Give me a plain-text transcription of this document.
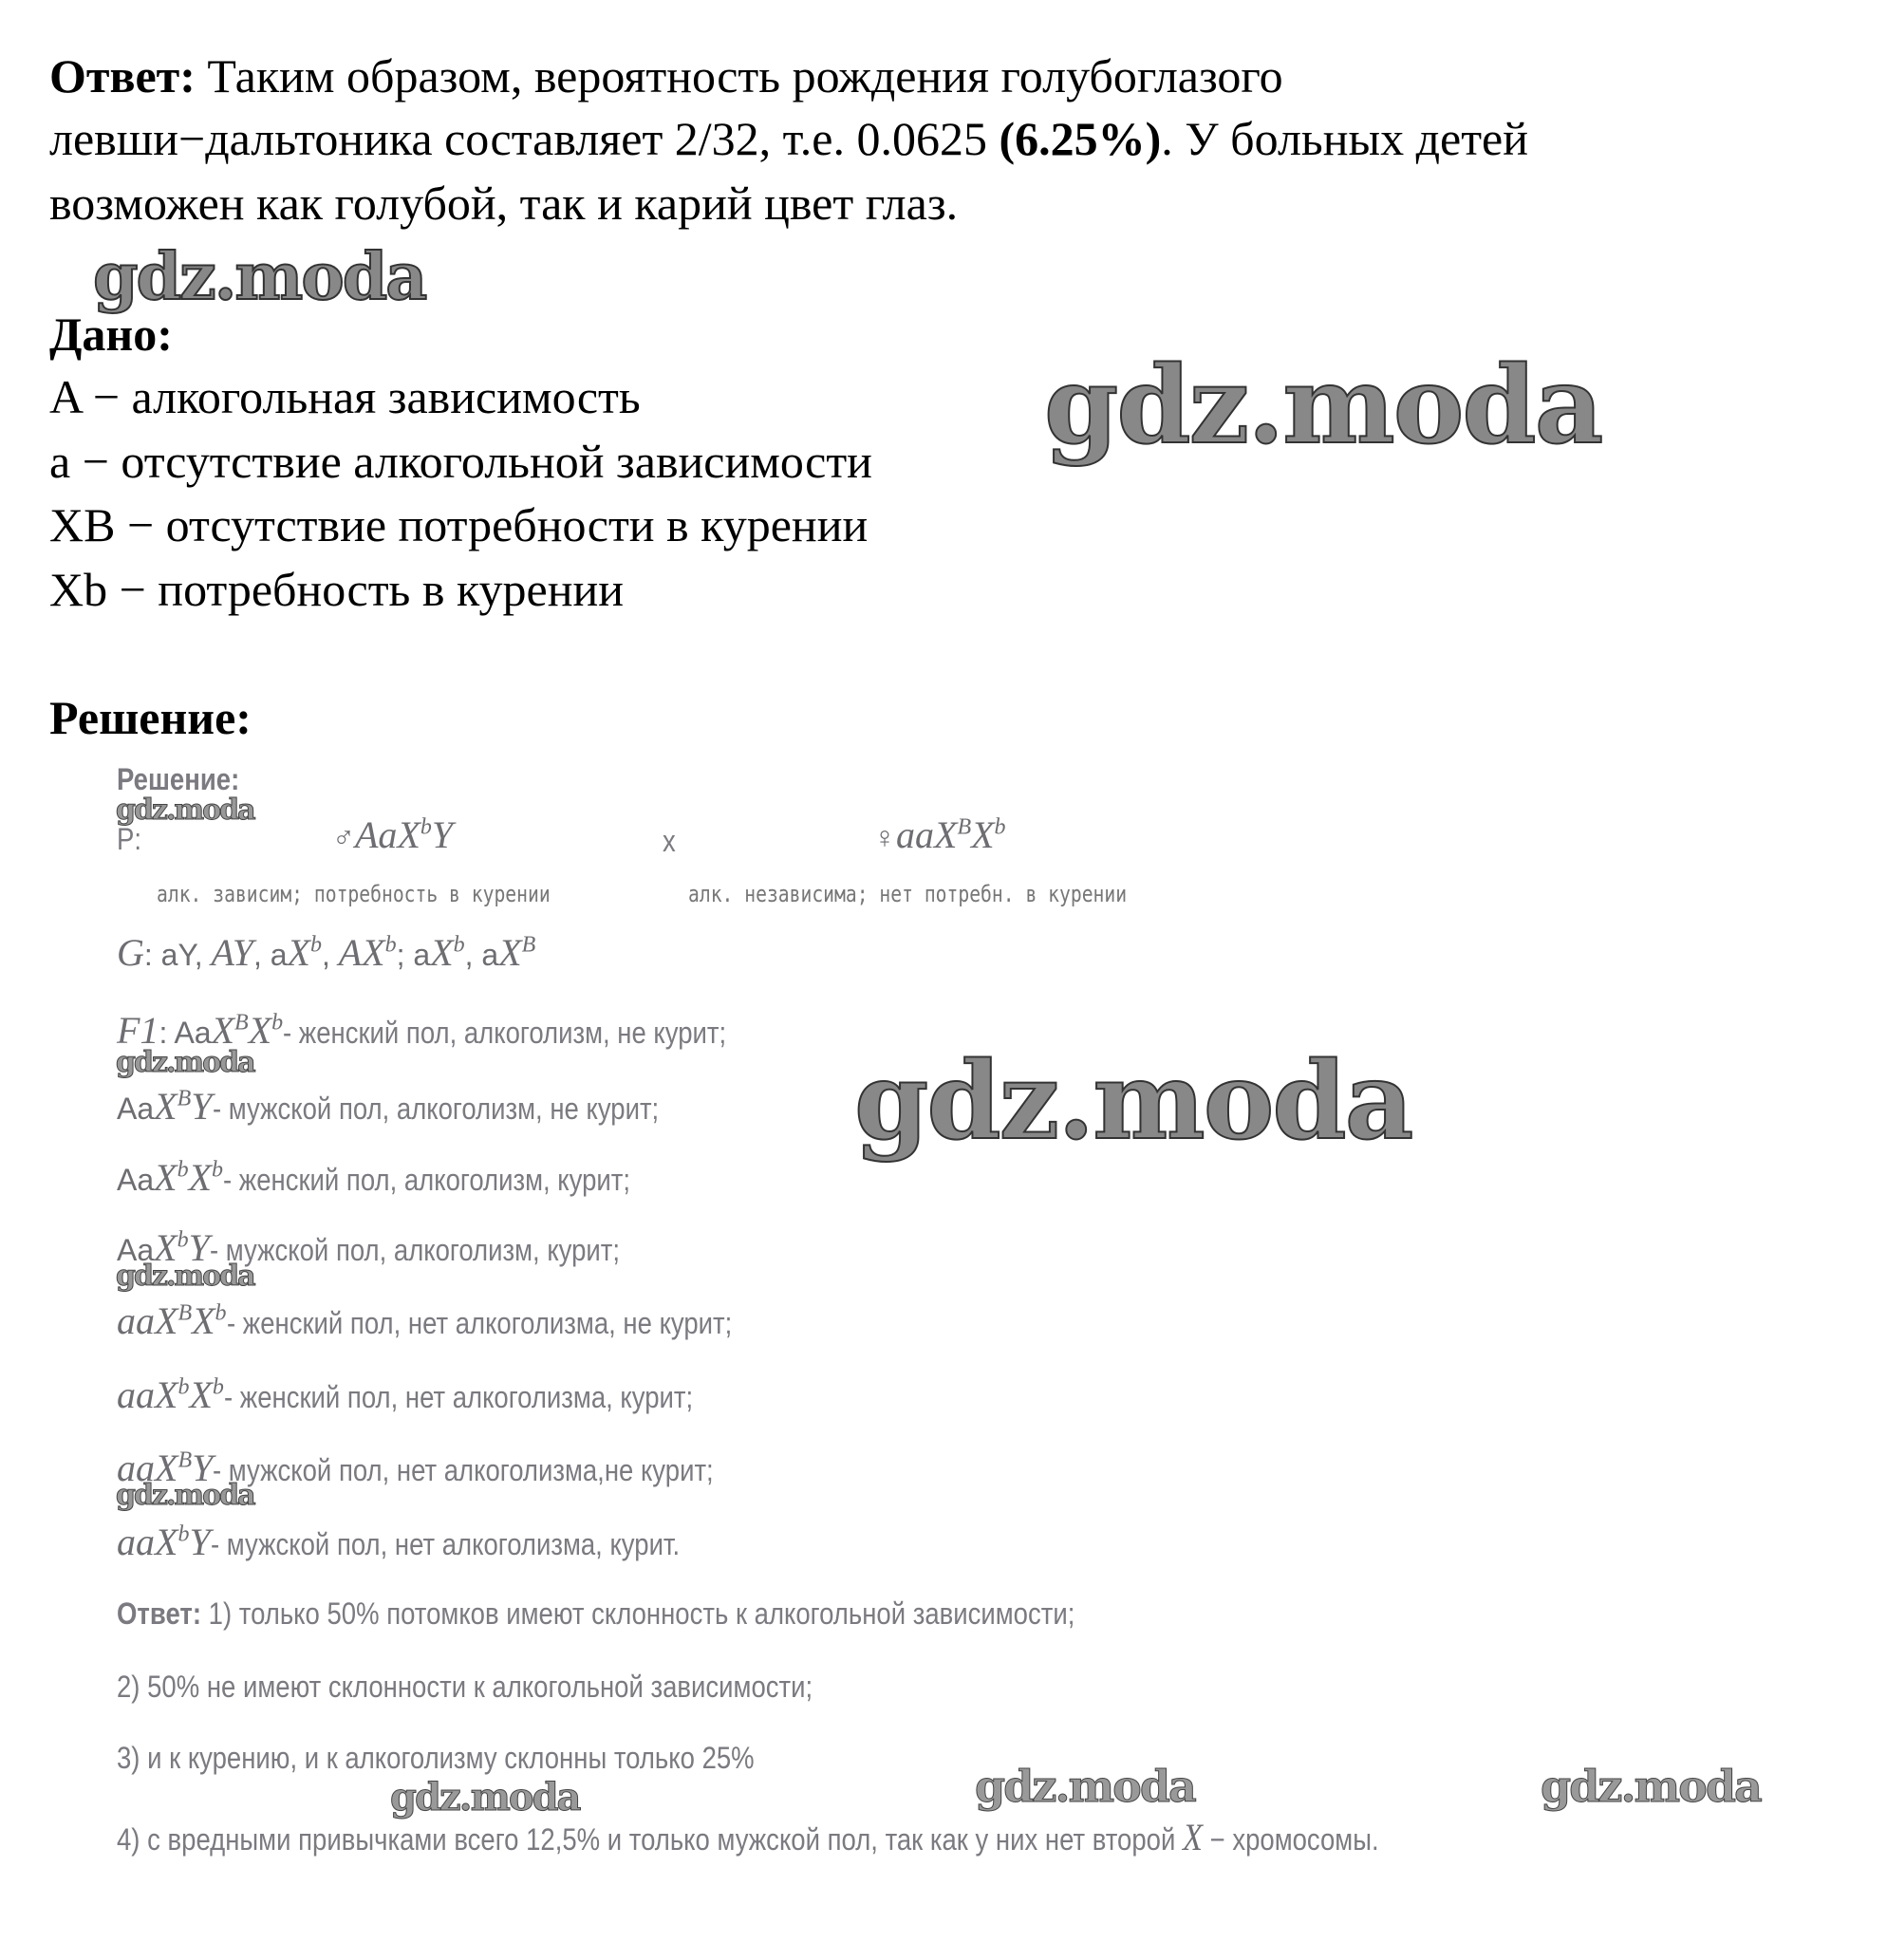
Ответ: Таким образом, вероятность рождения голубоглазого
левши−дальтоника составляет 2/32, т.е. 0.0625 (6.25%). У больных детей
возможен как голубой, так и карий цвет глаз.
gdz.moda
Дано:
A − алкогольная зависимость
a − отсутствие алкогольной зависимости
XB − отсутствие потребности в курении
Xb − потребность в курении
gdz.moda
Решение:
Решение:
gdz.moda
P:	♂AaX$^b$Y	x	$♀aaX^BX^b$
алк. зависим; потребность в курении	алк. независима; нет потребн. в курении
G: aY, AY, $aX^b$, $AX^b$; $aX^b$, $aX^B$
F1: $AaX^BX^b-$ женский пол, алкоголизм, не курит;
gdz.moda
AaX$^B$Y- мужской пол, алкоголизм, не курит;
$AaX^bX^b-$ женский пол, алкоголизм, курит;
AaX$^b$Y- мужской пол, алкоголизм, курит;
$aaX^BX^b-$ женский пол, нет алкоголизма, не курит;
$aaX^bX^b-$ женский пол, нет алкоголизма, курит;
aaX$^B$Y- мужской пол, нет алкоголизма,не курит;
aaX$^b$Y- мужской пол, нет алкоголизма, курит.
gdz.moda
gdz.moda
gdz.moda
Ответ: 1) только 50% потомков имеют склонность к алкогольной зависимости;
2) 50% не имеют склонности к алкогольной зависимости;
3) и к курению, и к алкоголизму склонны только 25%
4) с вредными привычками всего 12,5% и только мужской пол, так как у них нет второй X − хромосомы.
gdz.moda	gdz.moda	gdz.moda
